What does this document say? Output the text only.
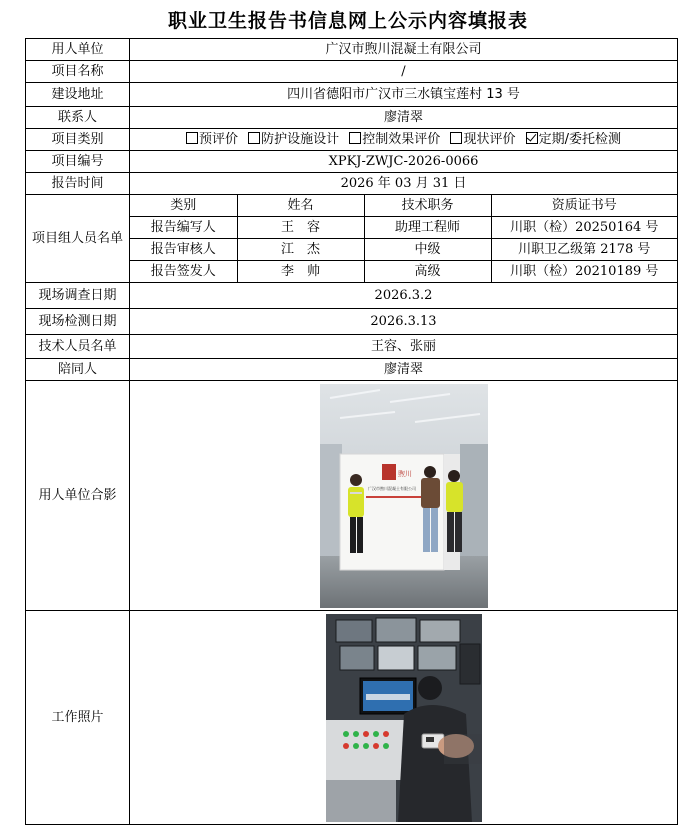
职业卫生报告书信息网上公示内容填报表
用人单位	广汉市煦川混凝土有限公司
项目名称	/
建设地址	四川省德阳市广汉市三水镇宝莲村 13 号
联系人	廖清翠
项目类别	预评价 防护设施设计 控制效果评价 现状评价 定期/委托检测
项目编号	XPKJ-ZWJC-2026-0066
报告时间	2026 年 03 月 31 日
项目组人员名单	
类别	姓名	技术职务	资质证书号
报告编写人	王　容	助理工程师	川职（检）20250164 号
报告审核人	江　杰	中级	川职卫乙级第 2178 号
报告签发人	李　帅	高级	川职（检）20210189 号

现场调查日期	2026.3.2
现场检测日期	2026.3.13
技术人员名单	王容、张丽
陪同人	廖清翠
用人单位合影	
煦川
广汉市煦川混凝土有限公司

工作照片	
